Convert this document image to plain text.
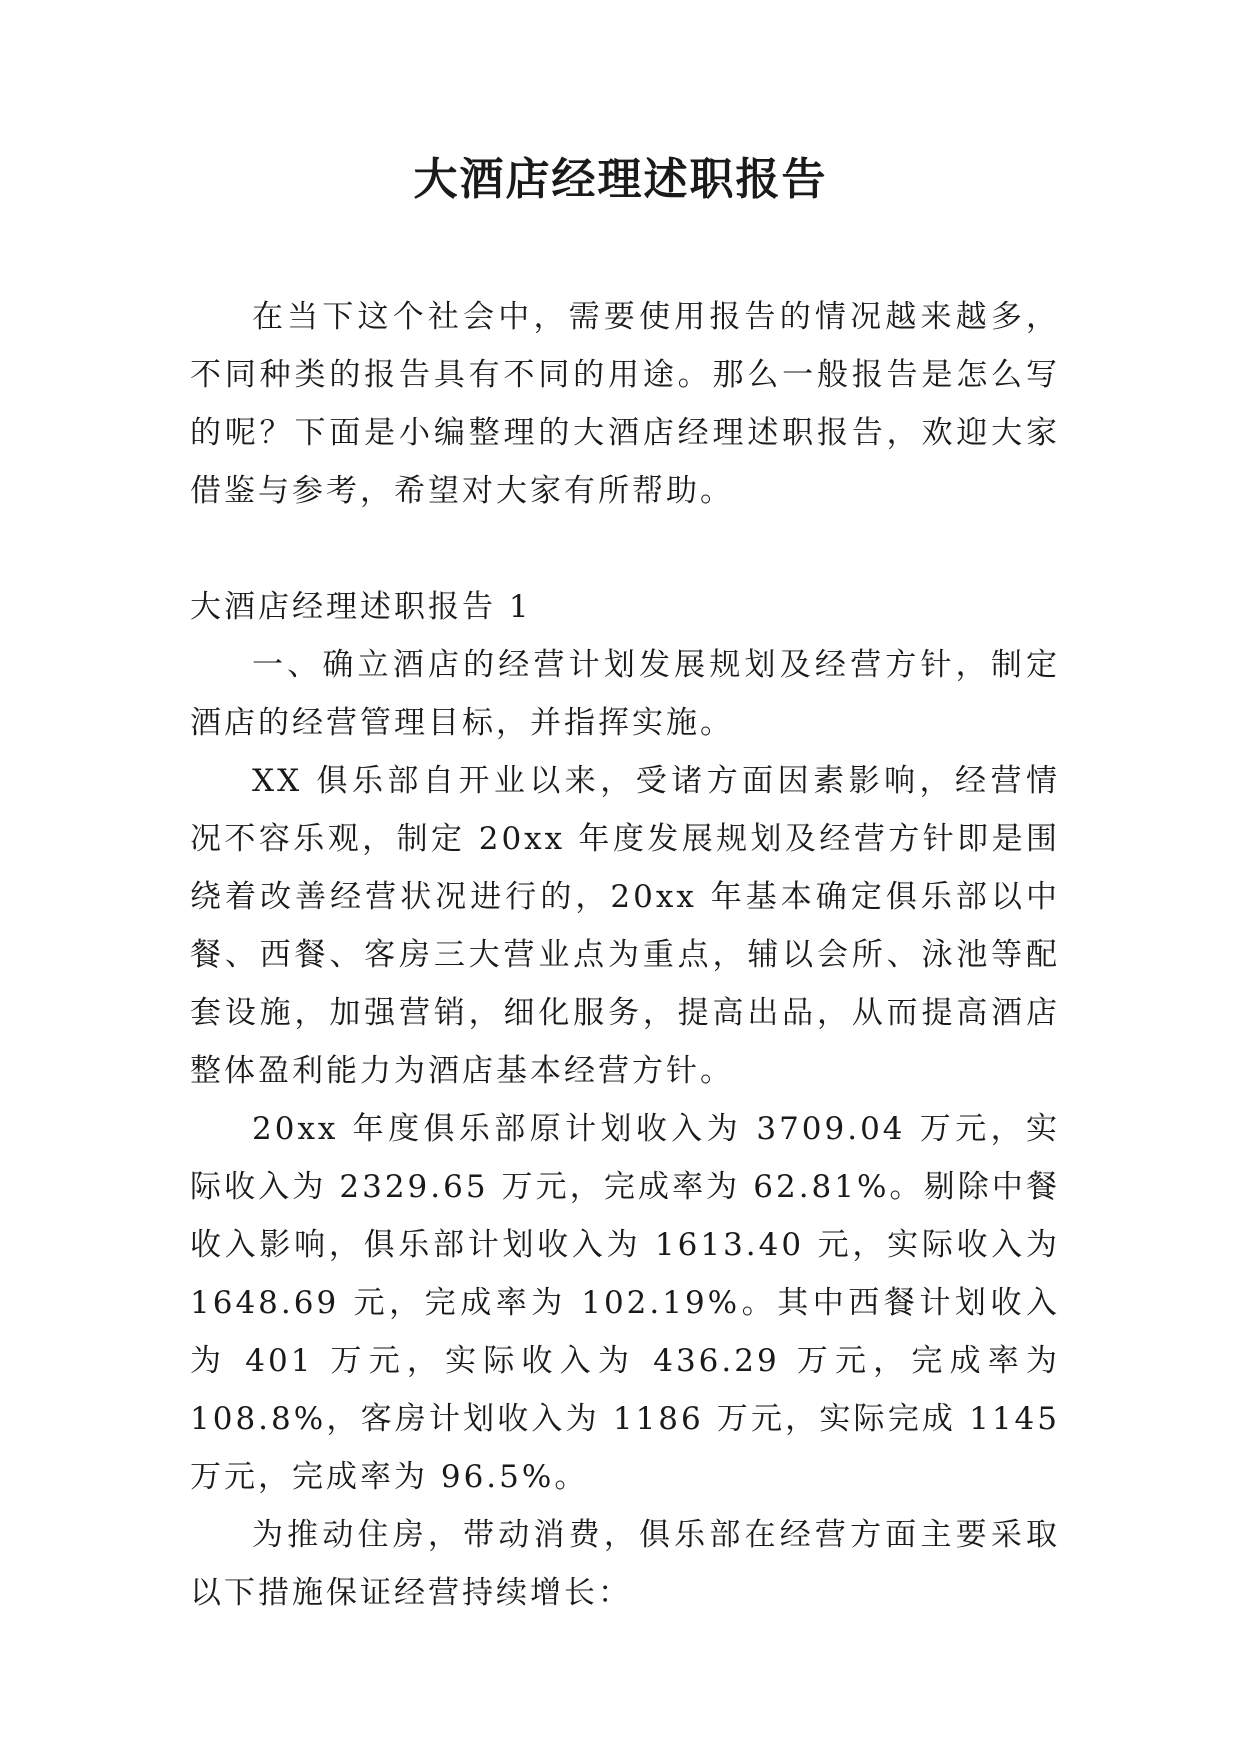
大酒店经理述职报告

在当下这个社会中，需要使用报告的情况越来越多，不同种类的报告具有不同的用途。那么一般报告是怎么写的呢？下面是小编整理的大酒店经理述职报告，欢迎大家借鉴与参考，希望对大家有所帮助。

大酒店经理述职报告 1

一、确立酒店的经营计划发展规划及经营方针，制定酒店的经营管理目标，并指挥实施。

XX 俱乐部自开业以来，受诸方面因素影响，经营情况不容乐观，制定 20xx 年度发展规划及经营方针即是围绕着改善经营状况进行的，20xx 年基本确定俱乐部以中餐、西餐、客房三大营业点为重点，辅以会所、泳池等配套设施，加强营销，细化服务，提高出品，从而提高酒店整体盈利能力为酒店基本经营方针。

20xx 年度俱乐部原计划收入为 3709.04 万元，实际收入为 2329.65 万元，完成率为 62.81%。剔除中餐收入影响，俱乐部计划收入为 1613.40 元，实际收入为 1648.69 元，完成率为 102.19%。其中西餐计划收入为 401 万元，实际收入为 436.29 万元，完成率为 108.8%，客房计划收入为 1186 万元，实际完成 1145 万元，完成率为 96.5%。

为推动住房，带动消费，俱乐部在经营方面主要采取以下措施保证经营持续增长：
